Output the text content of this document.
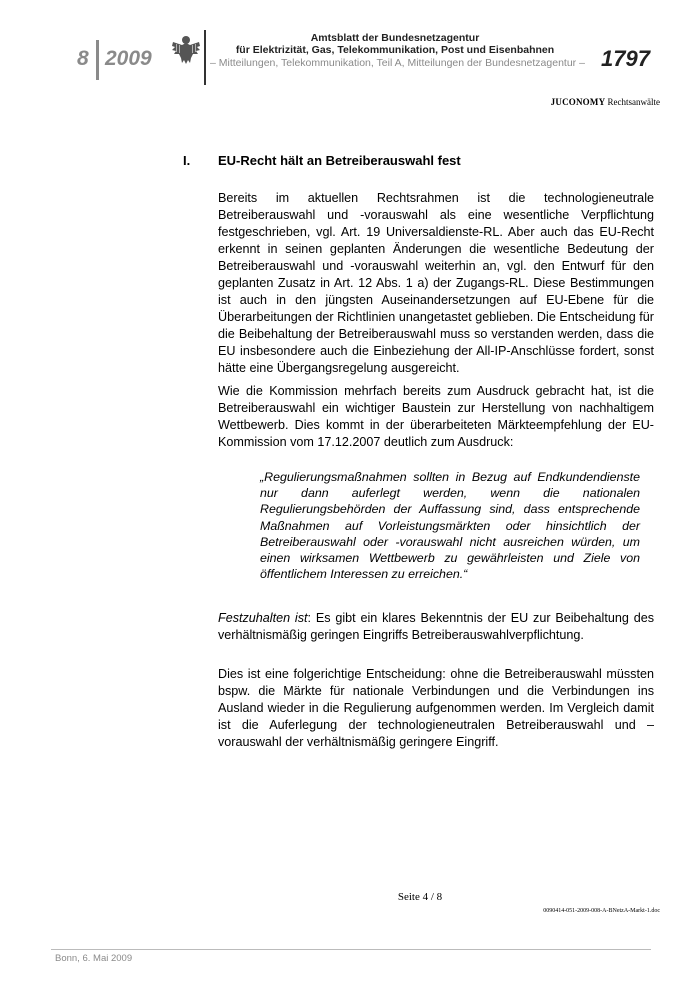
8 2009
Amtsblatt der Bundesnetzagentur
für Elektrizität, Gas, Telekommunikation, Post und Eisenbahnen
– Mitteilungen, Telekommunikation, Teil A, Mitteilungen der Bundesnetzagentur – 1797
JUCONOMY Rechtsanwälte
I. EU-Recht hält an Betreiberauswahl fest
Bereits im aktuellen Rechtsrahmen ist die technologieneutrale Betreiberauswahl und -vorauswahl als eine wesentliche Verpflichtung festgeschrieben, vgl. Art. 19 Universaldienste-RL. Aber auch das EU-Recht erkennt in seinen geplanten Änderungen die wesentliche Bedeutung der Betreiberauswahl und -vorauswahl weiterhin an, vgl. den Entwurf für den geplanten Zusatz in Art. 12 Abs. 1 a) der Zugangs-RL. Diese Bestimmungen ist auch in den jüngsten Auseinandersetzungen auf EU-Ebene für die Überarbeitungen der Richtlinien unangetastet geblieben. Die Entscheidung für die Beibehaltung der Betreiberauswahl muss so verstanden werden, dass die EU insbesondere auch die Einbeziehung der All-IP-Anschlüsse fordert, sonst hätte eine Übergangsregelung ausgereicht.
Wie die Kommission mehrfach bereits zum Ausdruck gebracht hat, ist die Betreiberauswahl ein wichtiger Baustein zur Herstellung von nachhaltigem Wettbewerb. Dies kommt in der überarbeiteten Märkteempfehlung der EU-Kommission vom 17.12.2007 deutlich zum Ausdruck:
„Regulierungsmaßnahmen sollten in Bezug auf Endkundendienste nur dann auferlegt werden, wenn die nationalen Regulierungsbehörden der Auffassung sind, dass entsprechende Maßnahmen auf Vorleistungsmärkten oder hinsichtlich der Betreiberauswahl oder -vorauswahl nicht ausreichen würden, um einen wirksamen Wettbewerb zu gewährleisten und Ziele von öffentlichem Interessen zu erreichen.“
Festzuhalten ist: Es gibt ein klares Bekenntnis der EU zur Beibehaltung des verhältnismäßig geringen Eingriffs Betreiberauswahlverpflichtung.
Dies ist eine folgerichtige Entscheidung: ohne die Betreiberauswahl müssten bspw. die Märkte für nationale Verbindungen und die Verbindungen ins Ausland wieder in die Regulierung aufgenommen werden. Im Vergleich damit ist die Auferlegung der technologieneutralen Betreiberauswahl und –vorauswahl der verhältnismäßig geringere Eingriff.
Seite 4 / 8
0090414-051-2009-008-A-BNetzA-Markt-1.doc
Bonn, 6. Mai 2009
